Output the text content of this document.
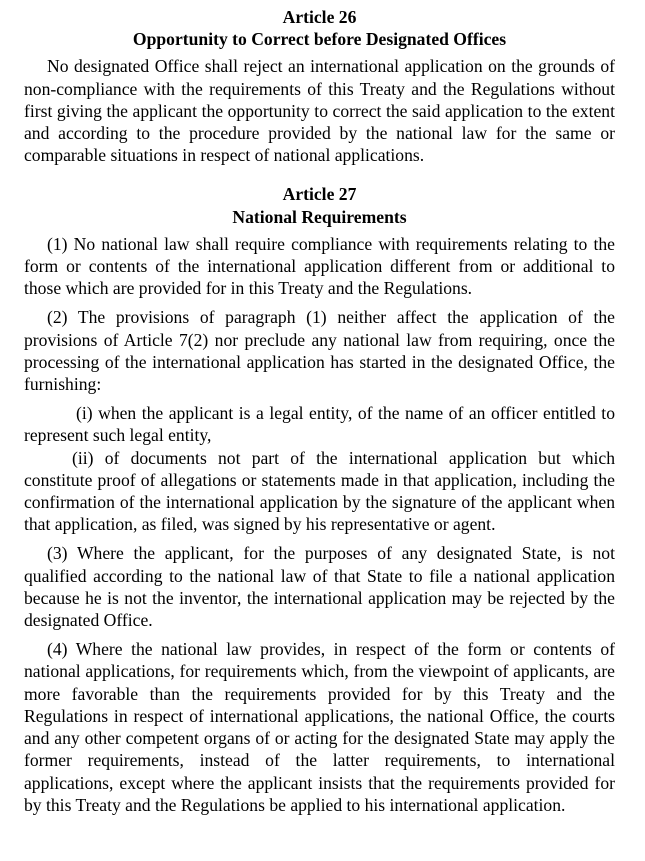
Article 26
Opportunity to Correct before Designated Offices

No designated Office shall reject an international application on the grounds of non-compliance with the requirements of this Treaty and the Regulations without first giving the applicant the opportunity to correct the said application to the extent and according to the procedure provided by the national law for the same or comparable situations in respect of national applications.

Article 27
National Requirements

(1) No national law shall require compliance with requirements relating to the form or contents of the international application different from or additional to those which are provided for in this Treaty and the Regulations.

(2) The provisions of paragraph (1) neither affect the application of the provisions of Article 7(2) nor preclude any national law from requiring, once the processing of the international application has started in the designated Office, the furnishing:

(i) when the applicant is a legal entity, of the name of an officer entitled to represent such legal entity,

(ii) of documents not part of the international application but which constitute proof of allegations or statements made in that application, including the confirmation of the international application by the signature of the applicant when that application, as filed, was signed by his representative or agent.

(3) Where the applicant, for the purposes of any designated State, is not qualified according to the national law of that State to file a national application because he is not the inventor, the international application may be rejected by the designated Office.

(4) Where the national law provides, in respect of the form or contents of national applications, for requirements which, from the viewpoint of applicants, are more favorable than the requirements provided for by this Treaty and the Regulations in respect of international applications, the national Office, the courts and any other competent organs of or acting for the designated State may apply the former requirements, instead of the latter requirements, to international applications, except where the applicant insists that the requirements provided for by this Treaty and the Regulations be applied to his international application.
